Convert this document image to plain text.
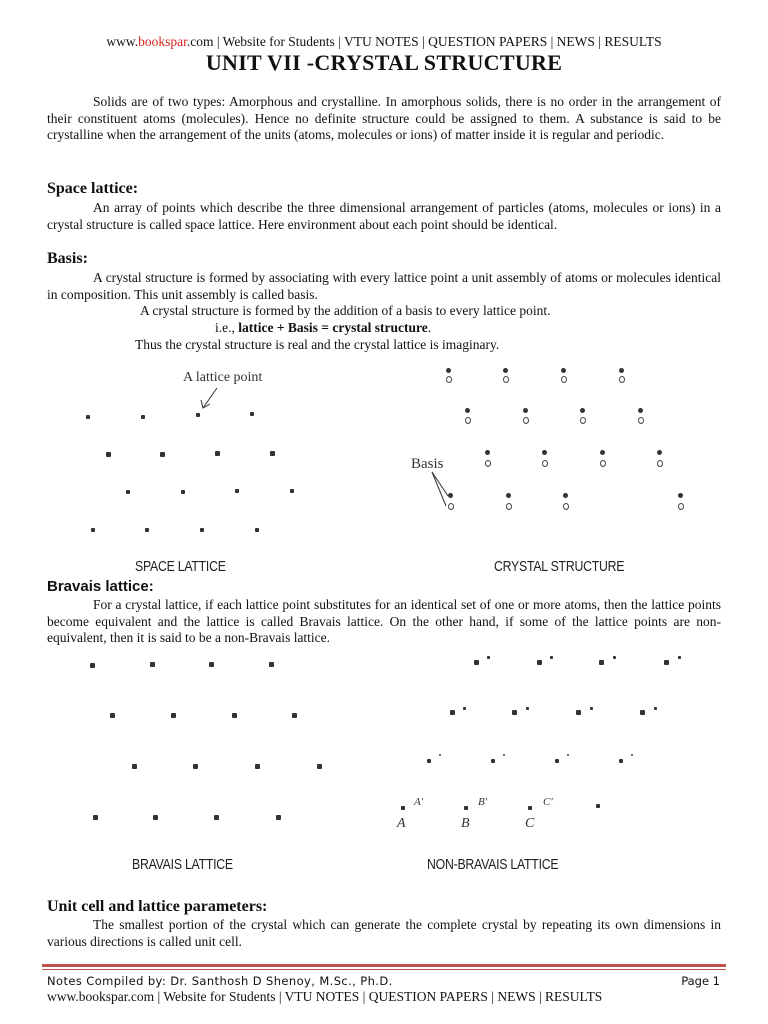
www.bookspar.com | Website for Students | VTU NOTES | QUESTION PAPERS | NEWS | RESULTS
UNIT VII -CRYSTAL STRUCTURE

Solids are of two types: Amorphous and crystalline. In amorphous solids, there is no order in the arrangement of their constituent atoms (molecules). Hence no definite structure could be assigned to them. A substance is said to be crystalline when the arrangement of the units (atoms, molecules or ions) of matter inside it is regular and periodic.

Space lattice:

An array of points which describe the three dimensional arrangement of particles (atoms, molecules or ions) in a crystal structure is called space lattice. Here environment about each point should be identical.

Basis:

A crystal structure is formed by associating with every lattice point a unit assembly of atoms or molecules identical in composition. This unit assembly is called basis.

A crystal structure is formed by the addition of a basis to every lattice point.
i.e., lattice + Basis = crystal structure.
Thus the crystal structure is real and the crystal lattice is imaginary.
A lattice point
Basis
SPACE LATTICE	CRYSTAL STRUCTURE
Bravais lattice:

For a crystal lattice, if each lattice point substitutes for an identical set of one or more atoms, then the lattice points become equivalent and the lattice is called Bravais lattice. On the other hand, if some of the lattice points are non-equivalent, then it is said to be a non-Bravais lattice.

A'	B'	C'
A	B	C
BRAVAIS LATTICE	NON-BRAVAIS LATTICE
Unit cell and lattice parameters:

The smallest portion of the crystal which can generate the complete crystal by repeating its own dimensions in various directions is called unit cell.

Notes Compiled by: Dr. Santhosh D Shenoy, M.Sc., Ph.D.	Page 1
www.bookspar.com | Website for Students | VTU NOTES | QUESTION PAPERS | NEWS | RESULTS
